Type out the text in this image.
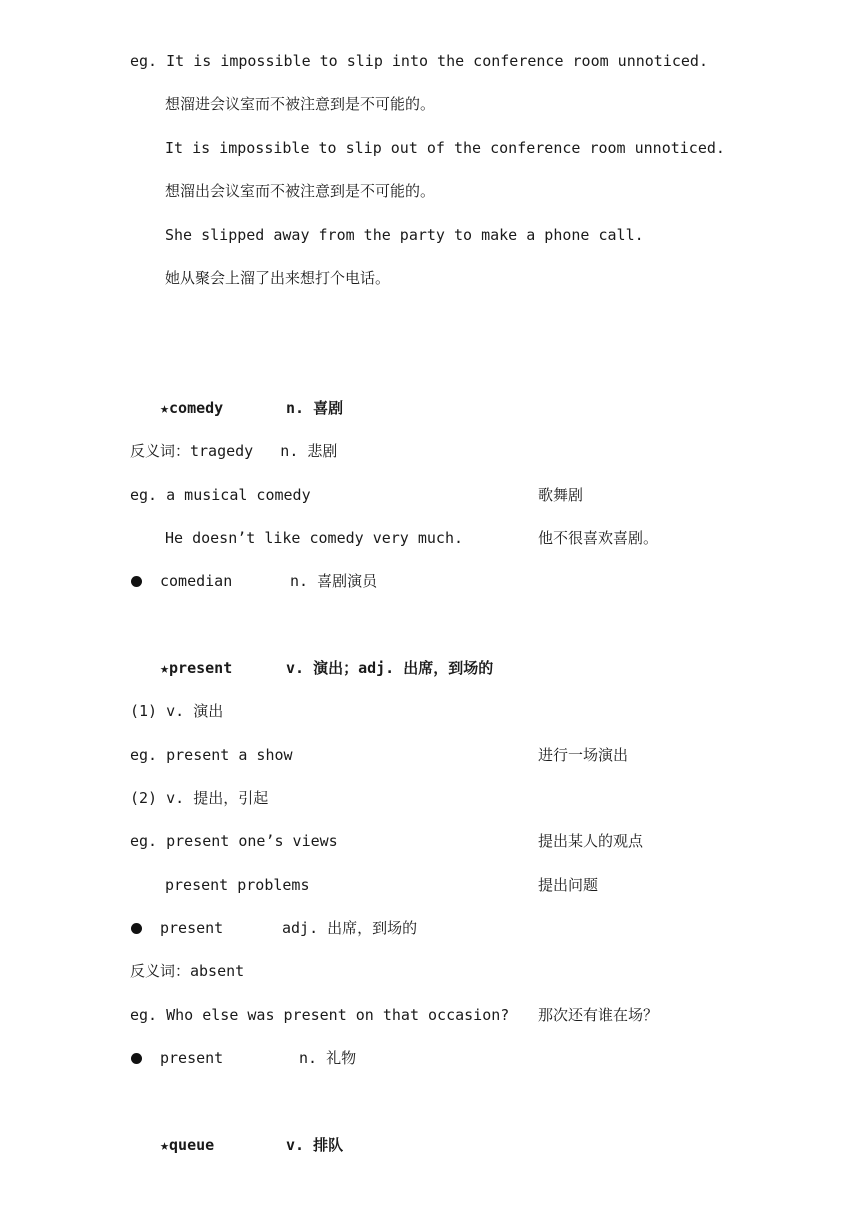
eg. It is impossible to slip into the conference room unnoticed.
想溜进会议室而不被注意到是不可能的。
It is impossible to slip out of the conference room unnoticed.
想溜出会议室而不被注意到是不可能的。
She slipped away from the party to make a phone call.
她从聚会上溜了出来想打个电话。
★comedy	n. 喜剧
反义词：tragedy   n. 悲剧
eg. a musical comedy	歌舞剧
He doesn’t like comedy very much.	他不很喜欢喜剧。
comedian	n. 喜剧演员
★present	v. 演出；adj. 出席，到场的
(1) v. 演出
eg. present a show	进行一场演出
(2) v. 提出，引起
eg. present one’s views	提出某人的观点
present problems	提出问题
present	adj. 出席，到场的
反义词：absent
eg. Who else was present on that occasion? 那次还有谁在场？
present	n. 礼物
★queue	v. 排队
